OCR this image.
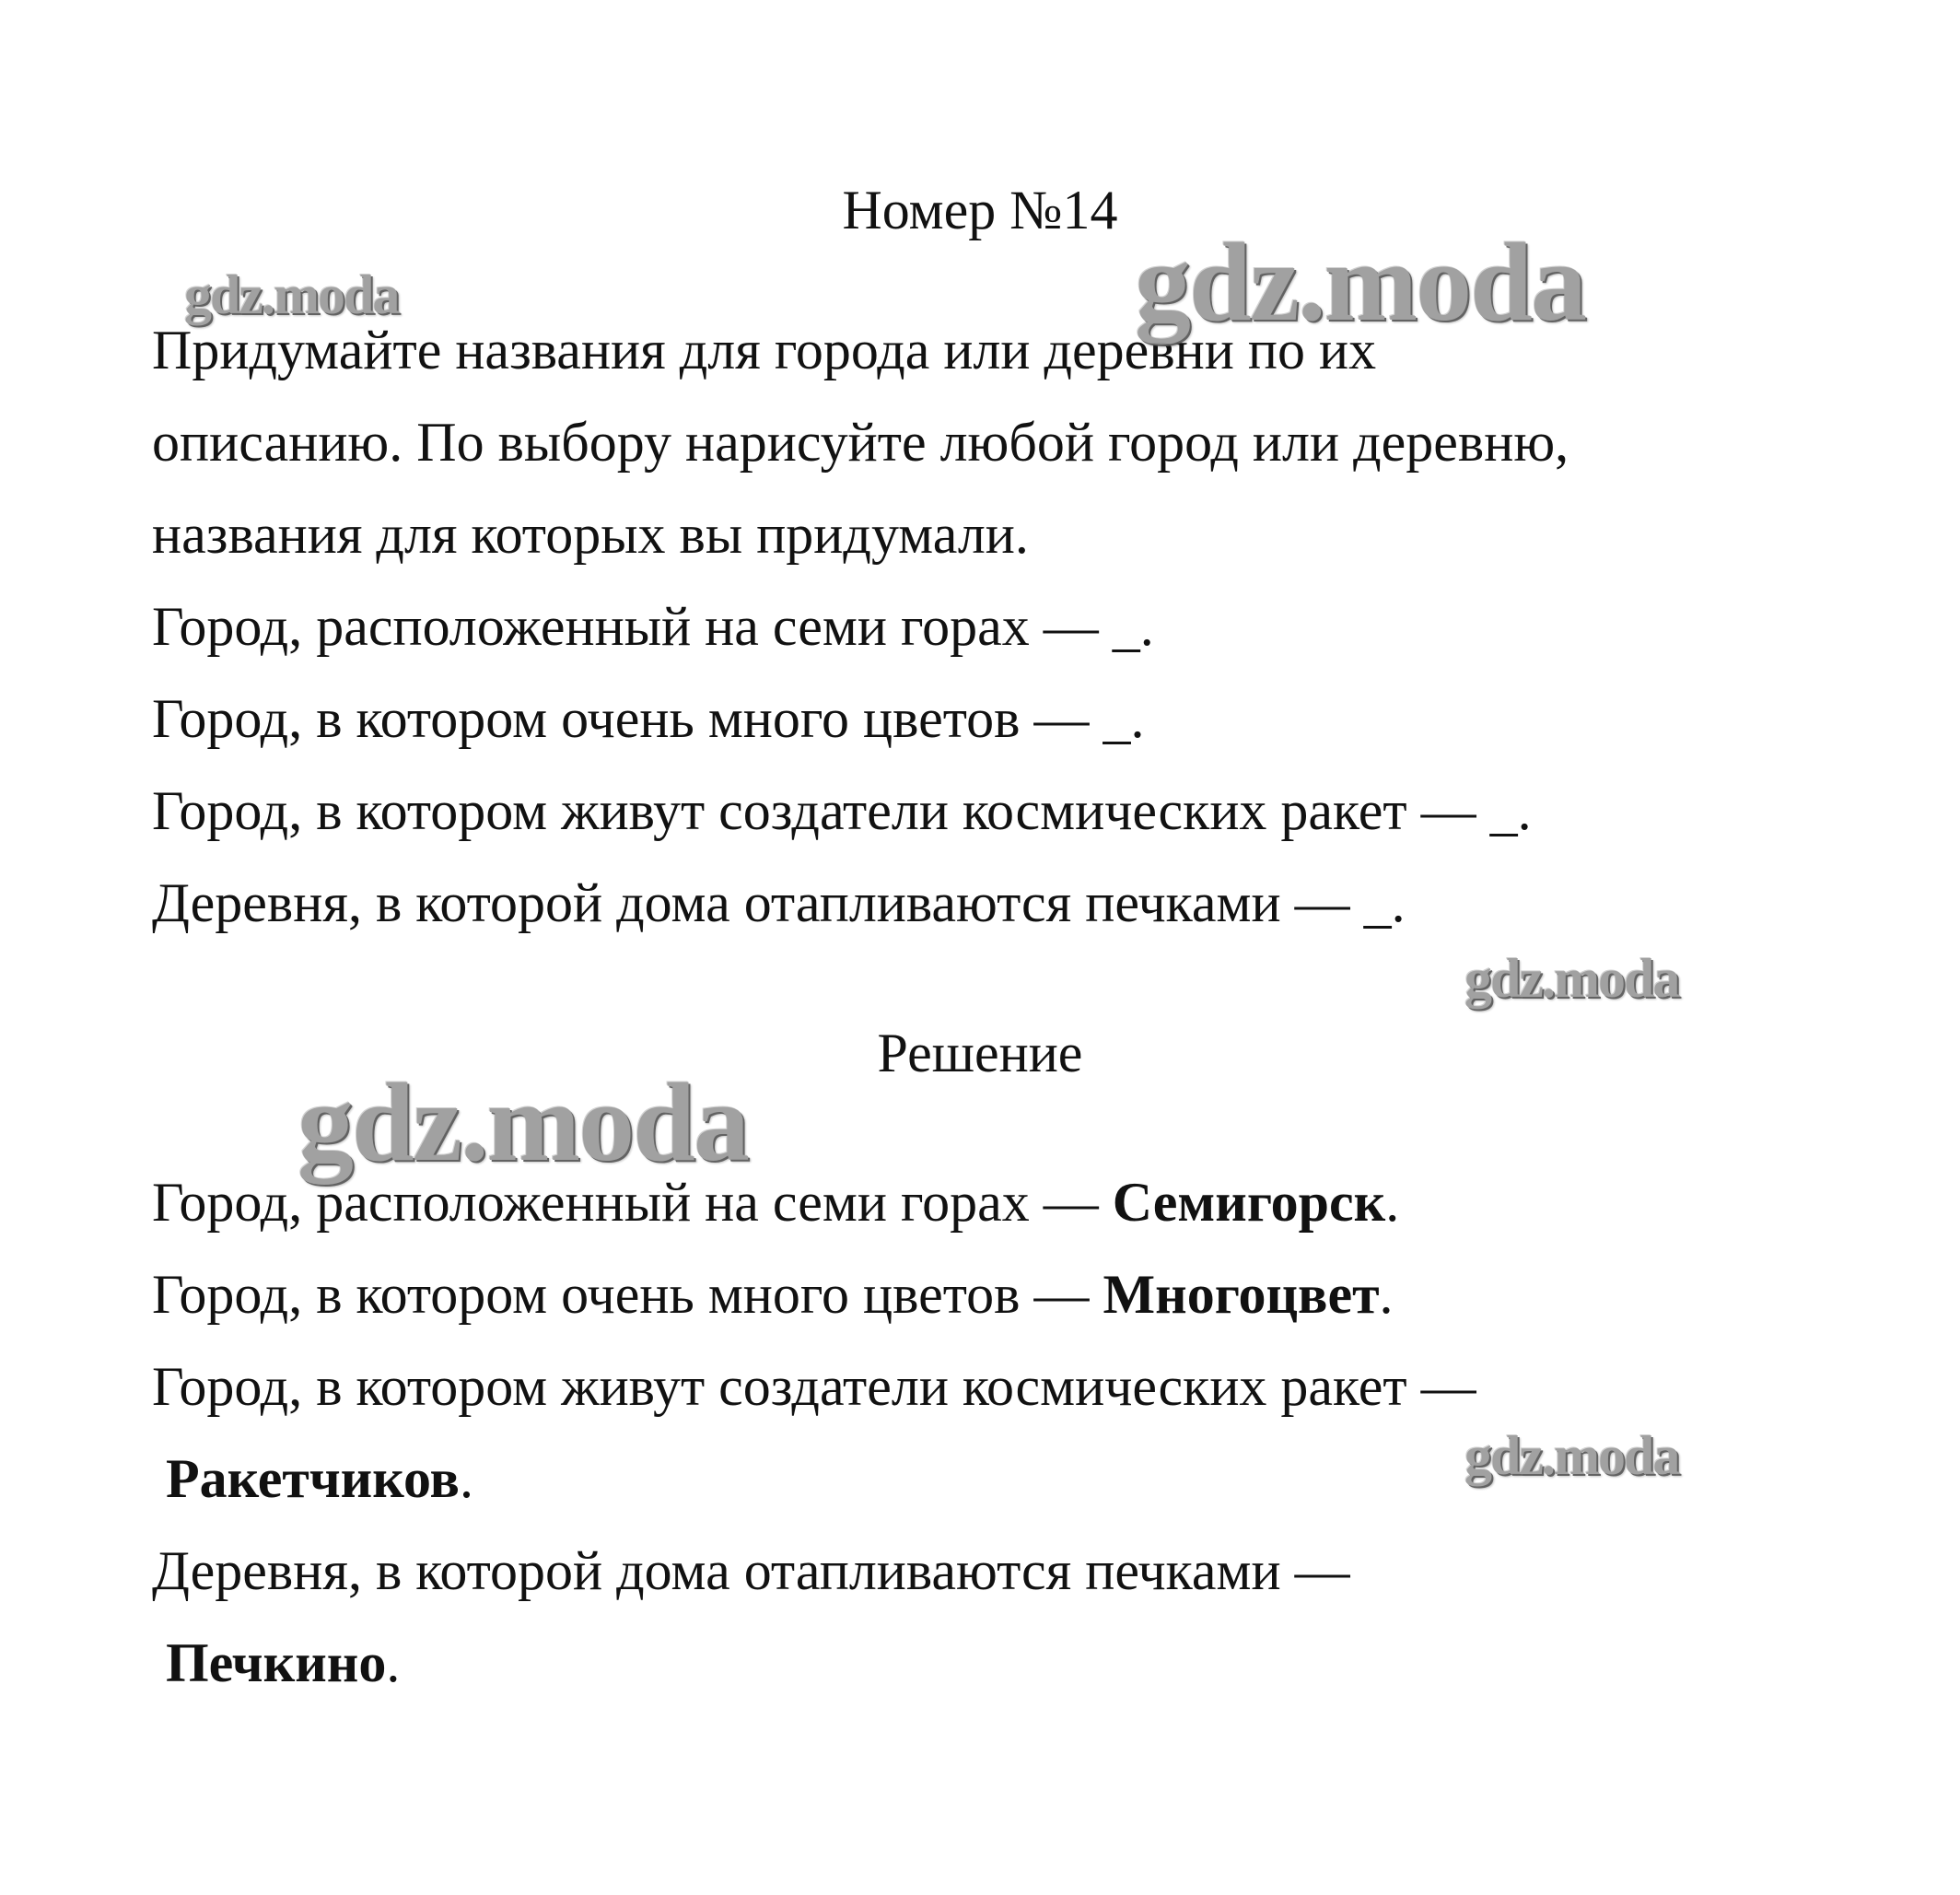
Номер №14
Придумайте названия для города или деревни по их
описанию. По выбору нарисуйте любой город или деревню,
названия для которых вы придумали.
Город, расположенный на семи горах — _.
Город, в котором очень много цветов — _.
Город, в котором живут создатели космических ракет — _.
Деревня, в которой дома отапливаются печками — _.
Решение
Город, расположенный на семи горах — Семигорск.
Город, в котором очень много цветов — Многоцвет.
Город, в котором живут создатели космических ракет —
Ракетчиков.
Деревня, в которой дома отапливаются печками —
Печкино.
gdz.moda	gdz.moda
gdz.moda
gdz.moda
gdz.moda
